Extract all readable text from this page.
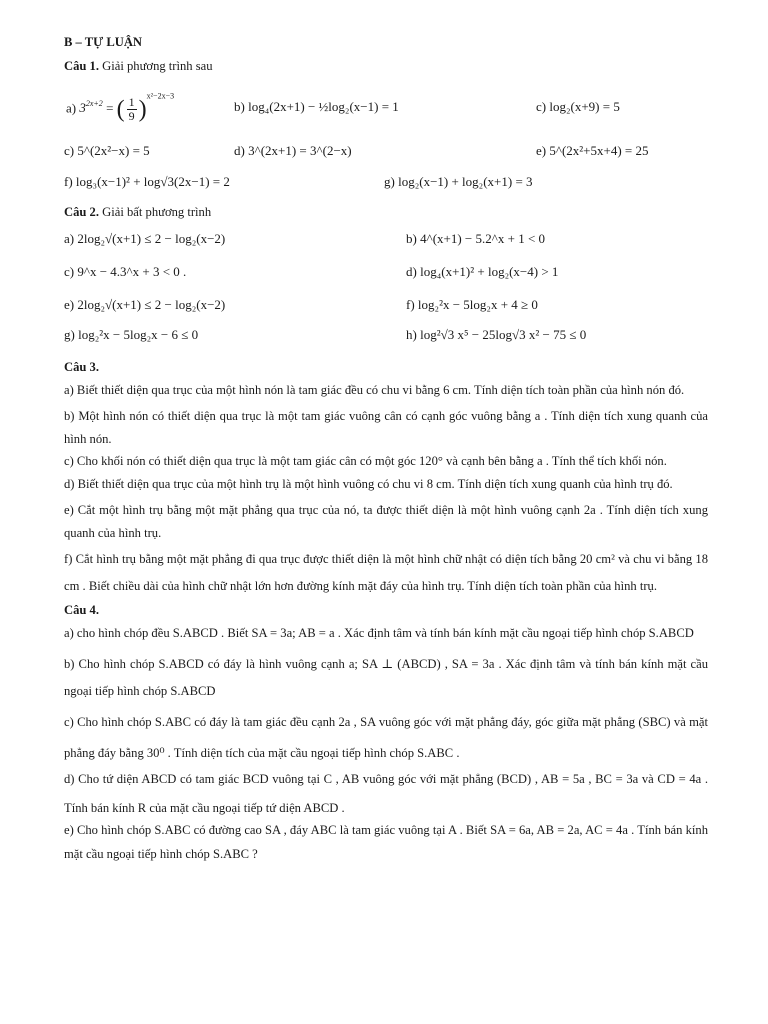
B – TỰ LUẬN
Câu 1. Giải phương trình sau
a) $3^{2x+2}$ = ( $\frac{1}{9} )^{x^2-2x-3}$
b) log₄(2x+1) − ½log₂(x−1) = 1	c) log₂(x+9) = 5
c) 5^(2x²−x) = 5	d) 3^(2x+1) = 3^(2−x)	e) 5^(2x²+5x+4) = 25
f) log₃(x−1)² + log√3(2x−1) = 2	g) log₂(x−1) + log₂(x+1) = 3
Câu 2. Giải bất phương trình
a) 2log₂√(x+1) ≤ 2 − log₂(x−2)	b) 4^(x+1) − 5.2^x + 1 < 0
c) 9^x − 4.3^x + 3 < 0 .	d) log₄(x+1)² + log₂(x−4) > 1
e) 2log₂√(x+1) ≤ 2 − log₂(x−2)	f) log₂²x − 5log₂x + 4 ≥ 0
g) log₂²x − 5log₂x − 6 ≤ 0	h) log²√3 x⁵ − 25log√3 x² − 75 ≤ 0
Câu 3.
a) Biết thiết diện qua trục của một hình nón là tam giác đều có chu vi bằng 6 cm. Tính diện tích toàn phần của hình nón đó.
b) Một hình nón có thiết diện qua trục là một tam giác vuông cân có cạnh góc vuông bằng a . Tính diện tích xung quanh của hình nón.
c) Cho khối nón có thiết diện qua trục là một tam giác cân có một góc 120° và cạnh bên bằng a . Tính thể tích khối nón.
d) Biết thiết diện qua trục của một hình trụ là một hình vuông có chu vi 8 cm. Tính diện tích xung quanh của hình trụ đó.
e) Cắt một hình trụ bằng một mặt phẳng qua trục của nó, ta được thiết diện là một hình vuông cạnh 2a . Tính diện tích xung quanh của hình trụ.
f) Cắt hình trụ bằng một mặt phẳng đi qua trục được thiết diện là một hình chữ nhật có diện tích bằng 20 cm² và chu vi bằng 18 cm . Biết chiều dài của hình chữ nhật lớn hơn đường kính mặt đáy của hình trụ. Tính diện tích toàn phần của hình trụ.
Câu 4.
a) cho hình chóp đều S.ABCD . Biết SA = 3a; AB = a . Xác định tâm và tính bán kính mặt cầu ngoại tiếp hình chóp S.ABCD
b) Cho hình chóp S.ABCD có đáy là hình vuông cạnh a; SA ⊥ (ABCD) , SA = 3a . Xác định tâm và tính bán kính mặt cầu ngoại tiếp hình chóp S.ABCD
c) Cho hình chóp S.ABC có đáy là tam giác đều cạnh 2a , SA vuông góc với mặt phẳng đáy, góc giữa mặt phẳng (SBC) và mặt phẳng đáy bằng 30⁰ . Tính diện tích của mặt cầu ngoại tiếp hình chóp S.ABC .
d) Cho tứ diện ABCD có tam giác BCD vuông tại C , AB vuông góc với mặt phẳng (BCD) , AB = 5a , BC = 3a và CD = 4a . Tính bán kính R của mặt cầu ngoại tiếp tứ diện ABCD .
e) Cho hình chóp S.ABC có đường cao SA , đáy ABC là tam giác vuông tại A . Biết SA = 6a, AB = 2a, AC = 4a . Tính bán kính mặt cầu ngoại tiếp hình chóp S.ABC ?
